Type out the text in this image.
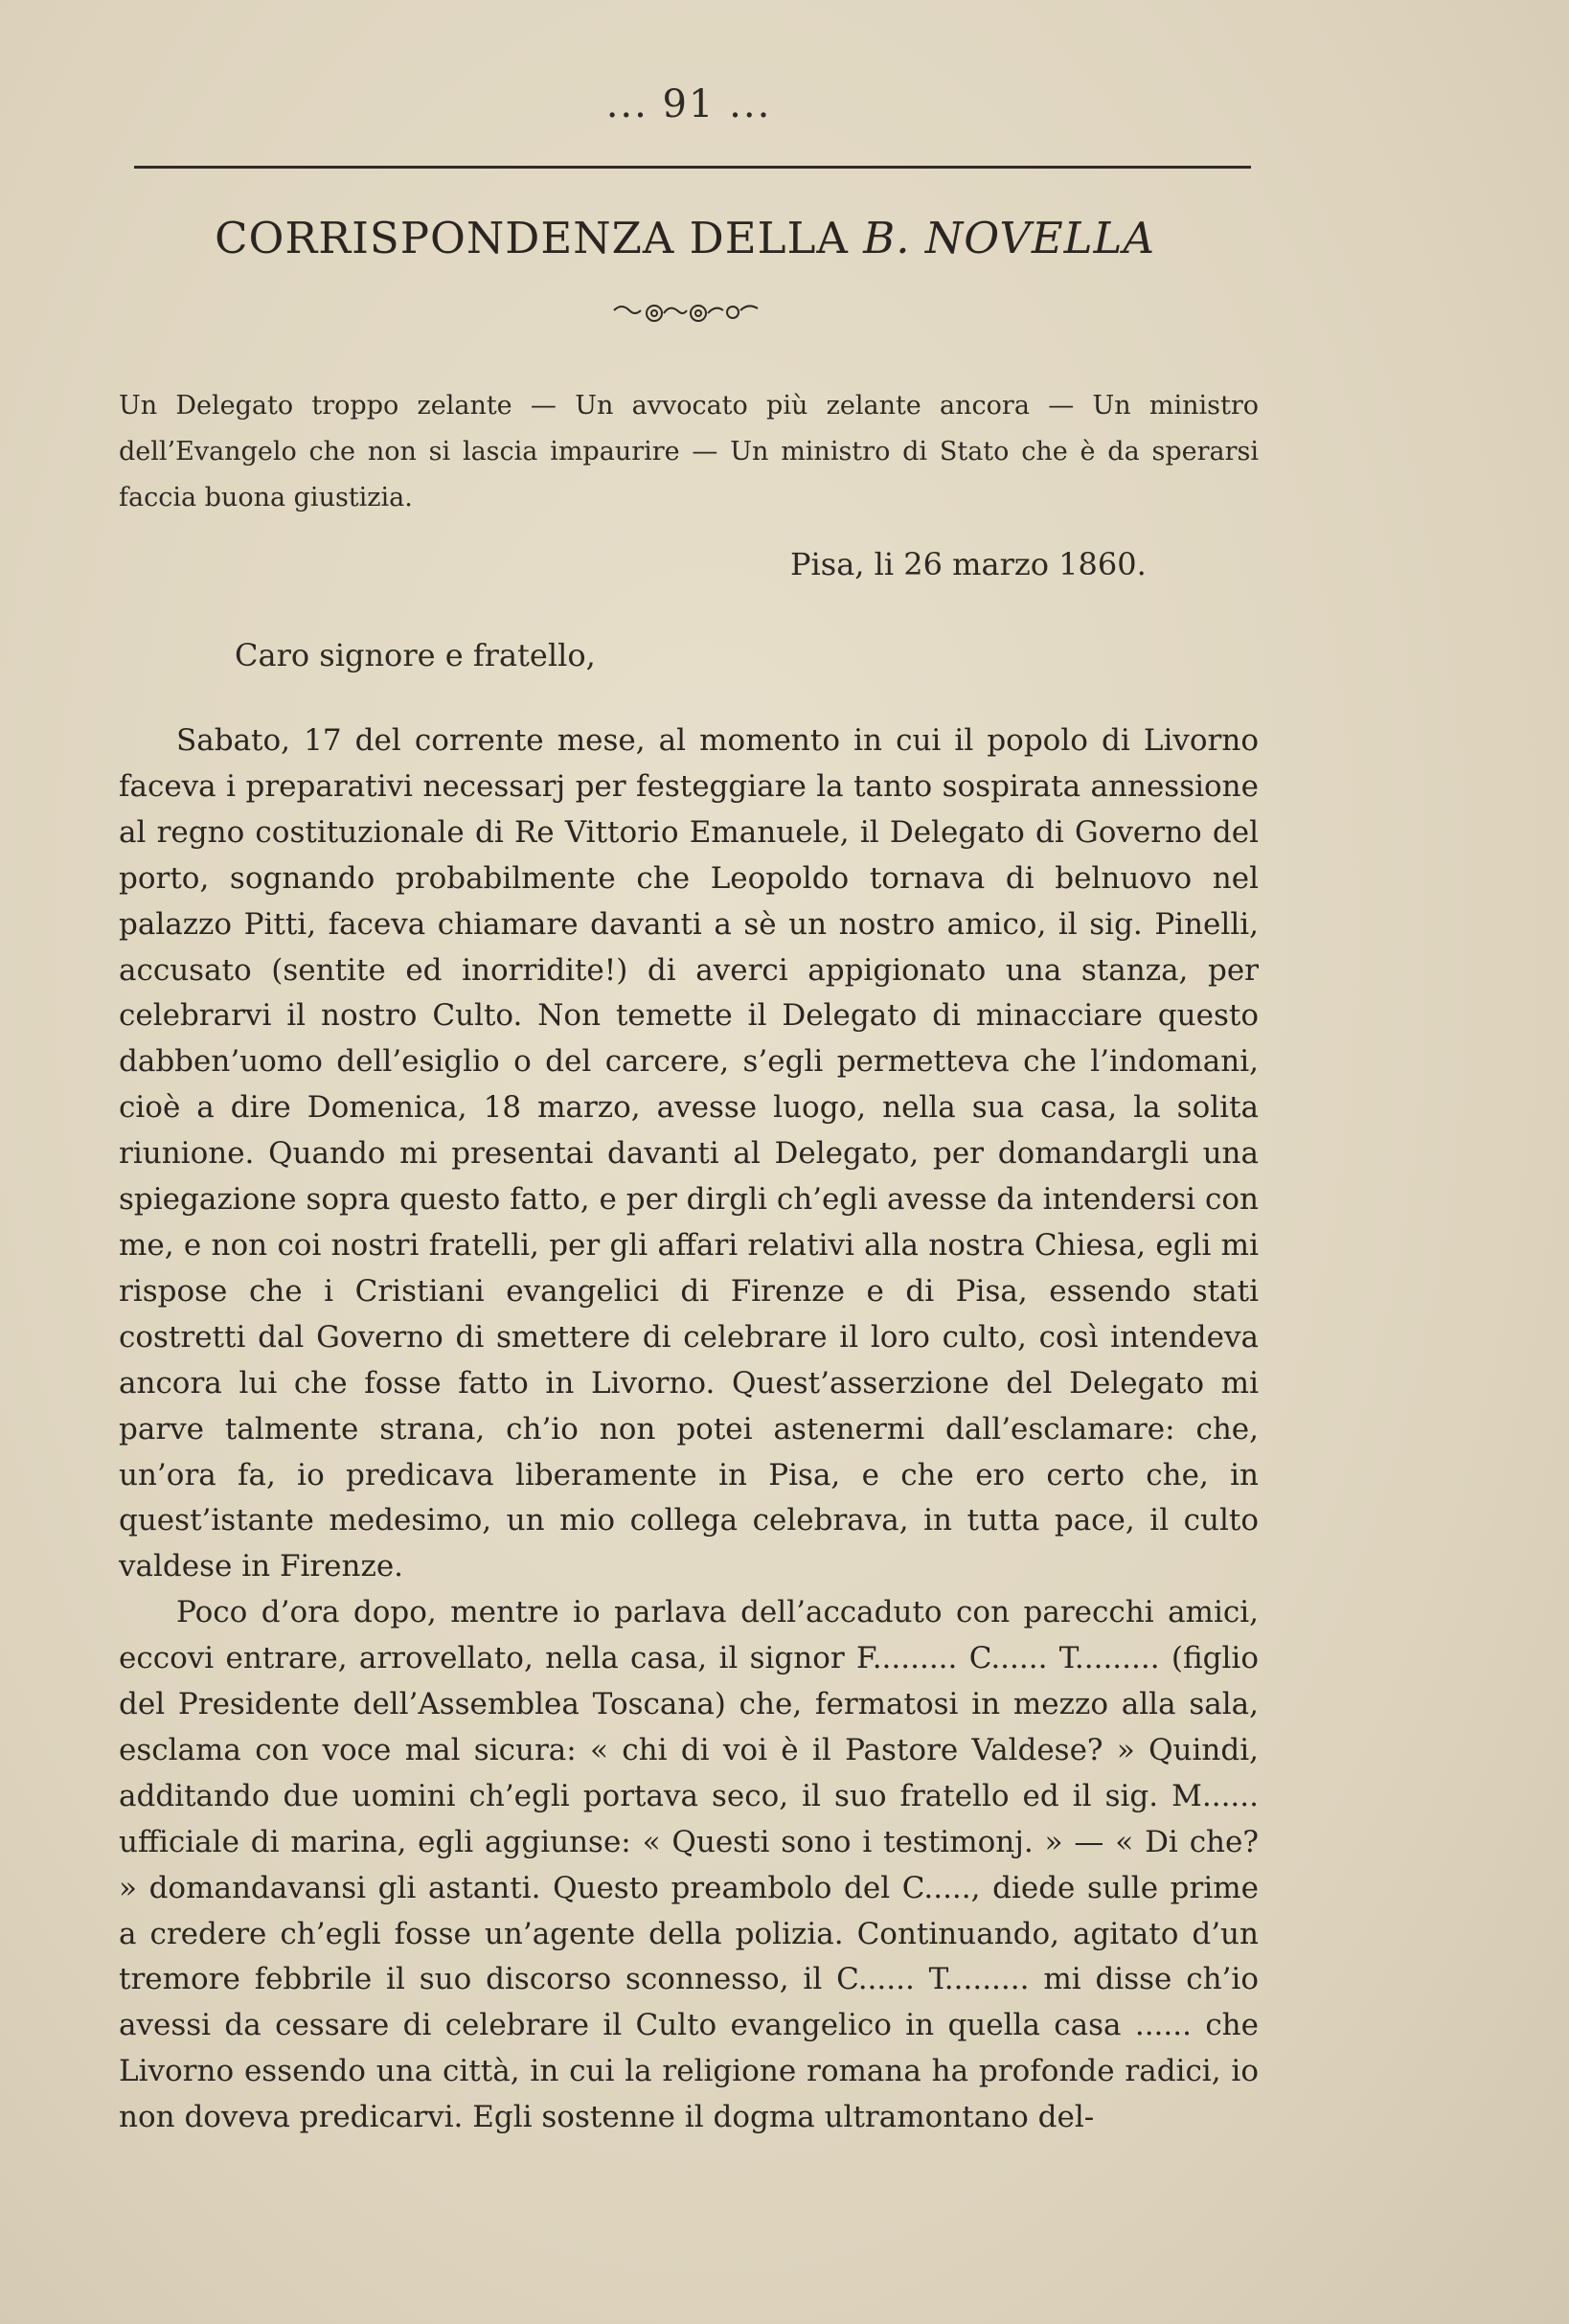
... 91 ...
CORRISPONDENZA DELLA B. NOVELLA

Un Delegato troppo zelante — Un avvocato più zelante ancora — Un ministro dell’Evangelo che non si lascia impaurire — Un ministro di Stato che è da sperarsi faccia buona giustizia.

Pisa, li 26 marzo 1860.
Caro signore e fratello,

Sabato, 17 del corrente mese, al momento in cui il popolo di Livorno faceva i preparativi necessarj per festeggiare la tanto sospirata annessione al regno costituzionale di Re Vittorio Emanuele, il Delegato di Governo del porto, sognando probabilmente che Leopoldo tornava di belnuovo nel palazzo Pitti, faceva chiamare davanti a sè un nostro amico, il sig. Pinelli, accusato (sentite ed inorridite!) di averci appigionato una stanza, per celebrarvi il nostro Culto. Non temette il Delegato di minacciare questo dabben’uomo dell’esiglio o del carcere, s’egli permetteva che l’indomani, cioè a dire Domenica, 18 marzo, avesse luogo, nella sua casa, la solita riunione. Quando mi presentai davanti al Delegato, per domandargli una spiegazione sopra questo fatto, e per dirgli ch’egli avesse da intendersi con me, e non coi nostri fratelli, per gli affari relativi alla nostra Chiesa, egli mi rispose che i Cristiani evangelici di Firenze e di Pisa, essendo stati costretti dal Governo di smettere di celebrare il loro culto, così intendeva ancora lui che fosse fatto in Livorno. Quest’asserzione del Delegato mi parve talmente strana, ch’io non potei astenermi dall’esclamare: che, un’ora fa, io predicava liberamente in Pisa, e che ero certo che, in quest’istante medesimo, un mio collega celebrava, in tutta pace, il culto valdese in Firenze.

Poco d’ora dopo, mentre io parlava dell’accaduto con parecchi amici, eccovi entrare, arrovellato, nella casa, il signor F......... C...... T......... (figlio del Presidente dell’Assemblea Toscana) che, fermatosi in mezzo alla sala, esclama con voce mal sicura: « chi di voi è il Pastore Valdese? » Quindi, additando due uomini ch’egli portava seco, il suo fratello ed il sig. M...... ufficiale di marina, egli aggiunse: « Questi sono i testimonj. » — « Di che? » domandavansi gli astanti. Questo preambolo del C....., diede sulle prime a credere ch’egli fosse un’agente della polizia. Continuando, agitato d’un tremore febbrile il suo discorso sconnesso, il C...... T......... mi disse ch’io avessi da cessare di celebrare il Culto evangelico in quella casa ...... che Livorno essendo una città, in cui la religione romana ha profonde radici, io non doveva predicarvi. Egli sostenne il dogma ultramontano del-
